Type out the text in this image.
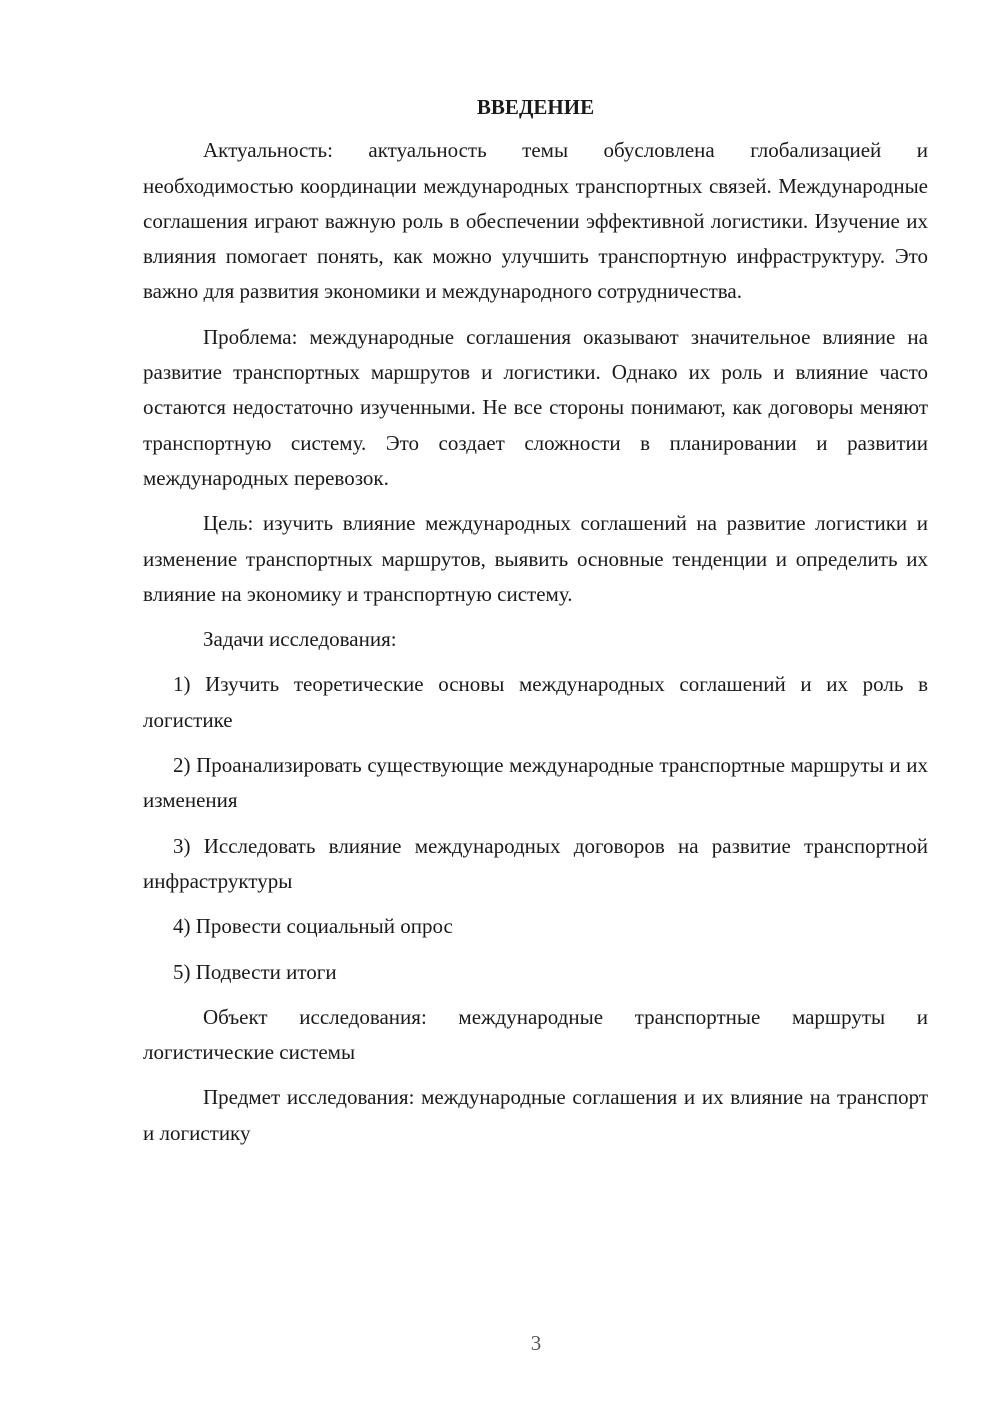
ВВЕДЕНИЕ

Актуальность: актуальность темы обусловлена глобализацией и необходимостью координации международных транспортных связей. Международные соглашения играют важную роль в обеспечении эффективной логистики. Изучение их влияния помогает понять, как можно улучшить транспортную инфраструктуру. Это важно для развития экономики и международного сотрудничества.

Проблема: международные соглашения оказывают значительное влияние на развитие транспортных маршрутов и логистики. Однако их роль и влияние часто остаются недостаточно изученными. Не все стороны понимают, как договоры меняют транспортную систему. Это создает сложности в планировании и развитии международных перевозок.

Цель: изучить влияние международных соглашений на развитие логистики и изменение транспортных маршрутов, выявить основные тенденции и определить их влияние на экономику и транспортную систему.

Задачи исследования:

1) Изучить теоретические основы международных соглашений и их роль в логистике

2) Проанализировать существующие международные транспортные маршруты и их изменения

3) Исследовать влияние международных договоров на развитие транспортной инфраструктуры

4) Провести социальный опрос

5) Подвести итоги

Объект исследования: международные транспортные маршруты и логистические системы

Предмет исследования: международные соглашения и их влияние на транспорт и логистику

3
